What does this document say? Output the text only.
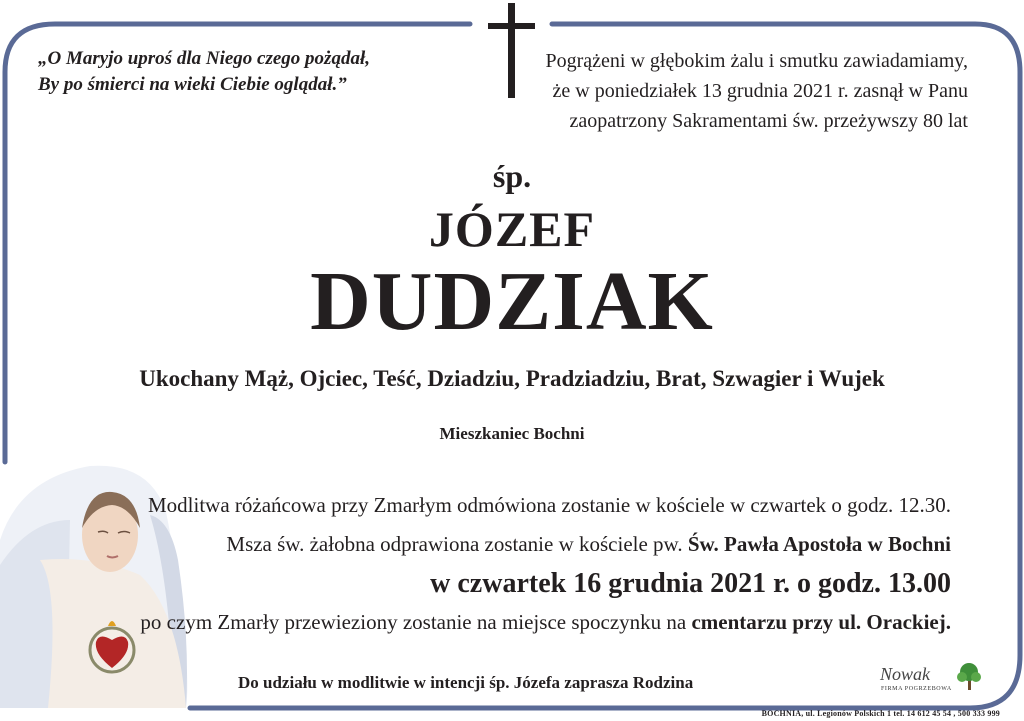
„O Maryjo uproś dla Niego czego pożądał,
By po śmierci na wieki Ciebie oglądał.”
Pogrążeni w głębokim żalu i smutku zawiadamiamy,
że w poniedziałek 13 grudnia 2021 r. zasnął w Panu
zaopatrzony Sakramentami św. przeżywszy 80 lat
śp.
JÓZEF
DUDZIAK
Ukochany Mąż, Ojciec, Teść, Dziadziu, Pradziadziu, Brat, Szwagier i Wujek
Mieszkaniec Bochni
Modlitwa różańcowa przy Zmarłym odmówiona zostanie w kościele w czwartek o godz. 12.30.
Msza św. żałobna odprawiona zostanie w kościele pw. Św. Pawła Apostoła w Bochni
w czwartek 16 grudnia 2021 r. o godz. 13.00
po czym Zmarły przewieziony zostanie na miejsce spoczynku na cmentarzu przy ul. Orackiej.
Do udziału w modlitwie w intencji śp. Józefa zaprasza Rodzina	Nowak
FIRMA POGRZEBOWA
BOCHNIA, ul. Legionów Polskich 1 tel. 14 612 45 54 , 500 333 999
